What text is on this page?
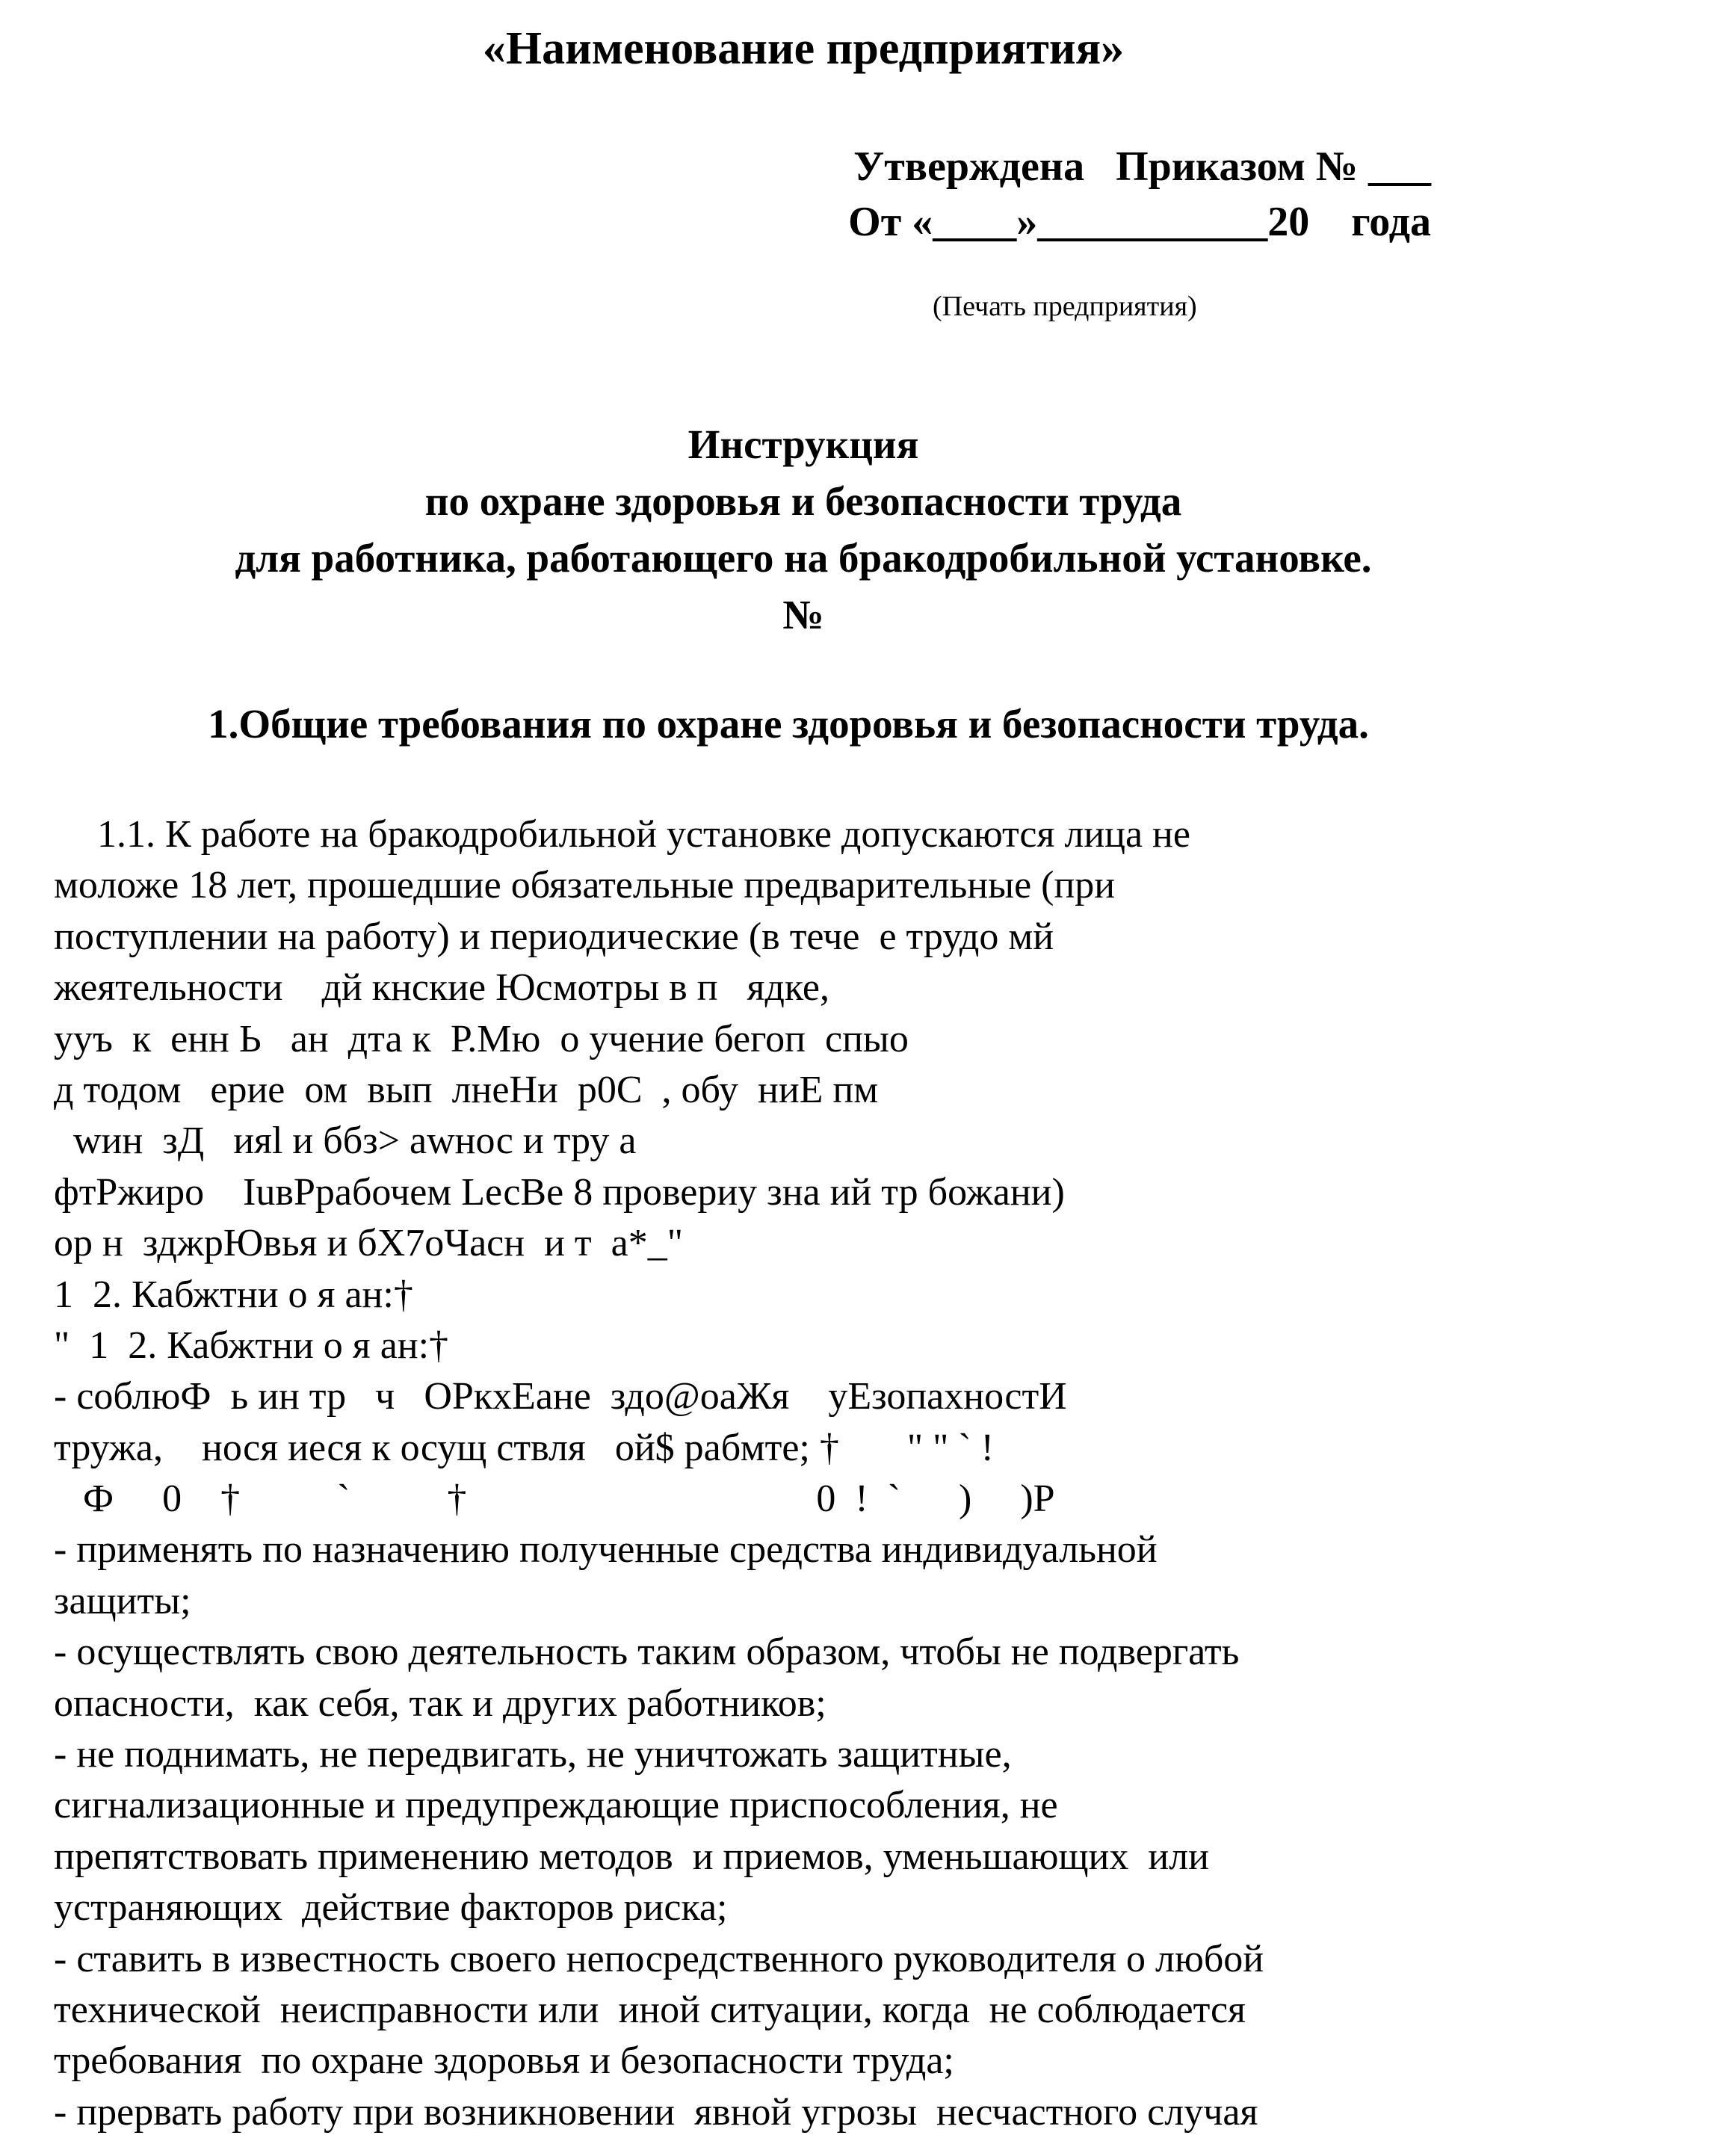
«Наименование предприятия»
Утверждена   Приказом № ___
От «____»___________20    года
(Печать предприятия)
Инструкция
по охране здоровья и безопасности труда
для работника, работающего на бракодробильной установке.
№
1.Общие требования по охране здоровья и безопасности труда.
1.1. К работе на бракодробильной установке допускаются лица не
моложе 18 лет, прошедшие обязательные предварительные (при
поступлении на работу) и периодические (в тече  е трудо мй
жеятельности    дй кнские Юсмотры в п   ядке,
ууъ  к  енн Ь   ан  дта к  Р.Мю  о учение бегоп  спыо
д тодом   ерие  ом  вып  лнеНи  р0С  , обу  ниЕ пм
wин  зД   ияl и ббз> awнос и тру а
фтРжиро    IuвРрабочем LесВе 8 провериу зна ий тр божани)
ор н  зджрЮвья и бХ7оЧасн  и т  а*_"
1  2. Кабжтни о я ан:†
"  1  2. Кабжтни о я ан:†
- соблюФ  ь ин тр   ч   ОРкхЕане  здо@оаЖя    уЕзопахностИ
тружа,    нося иеся к осущ ствля   ой$ рабмте; †       " " ` !
Ф     0    †          `          †                                    0  !  `      )     )Р
- применять по назначению полученные средства индивидуальной
защиты;
- осуществлять свою деятельность таким образом, чтобы не подвергать
опасности,  как себя, так и других работников;
- не поднимать, не передвигать, не уничтожать защитные,
сигнализационные и предупреждающие приспособления, не
препятствовать применению методов  и приемов, уменьшающих  или
устраняющих  действие факторов риска;
- ставить в известность своего непосредственного руководителя о любой
технической  неисправности или  иной ситуации, когда  не соблюдается
требования  по охране здоровья и безопасности труда;
- прервать работу при возникновении  явной угрозы  несчастного случая
